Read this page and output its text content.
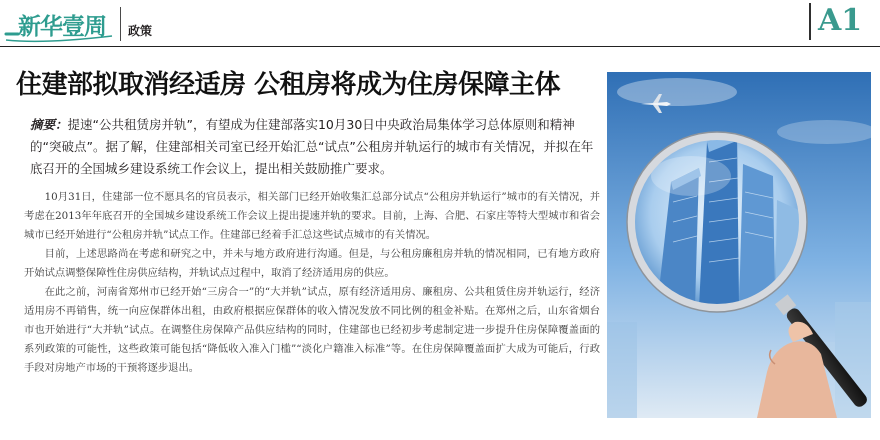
新华壹周 政策	A1
住建部拟取消经适房 公租房将成为住房保障主体
摘要：提速“公共租赁房并轨”，有望成为住建部落实10月30日中央政治局集体学习总体原则和精神的“突破点”。据了解，住建部相关司室已经开始汇总“试点”公租房并轨运行的城市有关情况，并拟在年底召开的全国城乡建设系统工作会议上，提出相关鼓励推广要求。

10月31日，住建部一位不愿具名的官员表示，相关部门已经开始收集汇总部分试点“公租房并轨运行”城市的有关情况，并考虑在2013年年底召开的全国城乡建设系统工作会议上提出提速并轨的要求。目前，上海、合肥、石家庄等特大型城市和省会城市已经开始进行“公租房并轨”试点工作。住建部已经着手汇总这些试点城市的有关情况。

目前，上述思路尚在考虑和研究之中，并未与地方政府进行沟通。但是，与公租房廉租房并轨的情况相同，已有地方政府开始试点调整保障性住房供应结构，并轨试点过程中，取消了经济适用房的供应。

在此之前，河南省郑州市已经开始“三房合一”的“大并轨”试点，原有经济适用房、廉租房、公共租赁住房并轨运行，经济适用房不再销售，统一向应保群体出租，由政府根据应保群体的收入情况发放不同比例的租金补贴。在郑州之后，山东省烟台市也开始进行“大并轨”试点。在调整住房保障产品供应结构的同时，住建部也已经初步考虑制定进一步提升住房保障覆盖面的系列政策的可能性，这些政策可能包括“降低收入准入门槛”“淡化户籍准入标准”等。在住房保障覆盖面扩大成为可能后，行政手段对房地产市场的干预将逐步退出。
